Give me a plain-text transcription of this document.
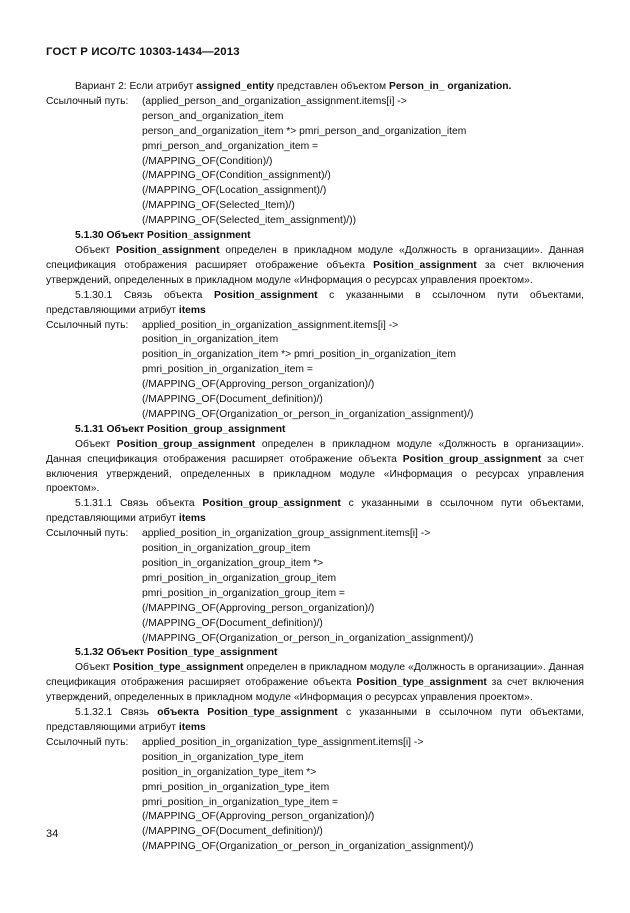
ГОСТ Р ИСО/ТС 10303-1434—2013

Вариант 2: Если атрибут assigned_entity представлен объектом Person_in_ organization.

Ссылочный путь:	(applied_person_and_organization_assignment.items[i] ->
person_and_organization_item
person_and_organization_item *> pmri_person_and_organization_item
pmri_person_and_organization_item =
(/MAPPING_OF(Condition)/)
(/MAPPING_OF(Condition_assignment)/)
(/MAPPING_OF(Location_assignment)/)
(/MAPPING_OF(Selected_Item)/)
(/MAPPING_OF(Selected_item_assignment)/))

5.1.30 Объект Position_assignment

Объект Position_assignment определен в прикладном модуле «Должность в организации». Данная спецификация отображения расширяет отображение объекта Position_assignment за счет включения утверждений, определенных в прикладном модуле «Информация о ресурсах управления проектом».

5.1.30.1 Связь объекта Position_assignment с указанными в ссылочном пути объектами, представляющими атрибут items

Ссылочный путь:	applied_position_in_organization_assignment.items[i] ->
position_in_organization_item
position_in_organization_item *> pmri_position_in_organization_item
pmri_position_in_organization_item =
(/MAPPING_OF(Approving_person_organization)/)
(/MAPPING_OF(Document_definition)/)
(/MAPPING_OF(Organization_or_person_in_organization_assignment)/)

5.1.31 Объект Position_group_assignment

Объект Position_group_assignment определен в прикладном модуле «Должность в организации». Данная спецификация отображения расширяет отображение объекта Position_group_assignment за счет включения утверждений, определенных в прикладном модуле «Информация о ресурсах управления проектом».

5.1.31.1 Связь объекта Position_group_assignment с указанными в ссылочном пути объектами, представляющими атрибут items

Ссылочный путь:	applied_position_in_organization_group_assignment.items[i] ->
position_in_organization_group_item
position_in_organization_group_item *>
pmri_position_in_organization_group_item
pmri_position_in_organization_group_item =
(/MAPPING_OF(Approving_person_organization)/)
(/MAPPING_OF(Document_definition)/)
(/MAPPING_OF(Organization_or_person_in_organization_assignment)/)

5.1.32 Объект Position_type_assignment

Объект Position_type_assignment определен в прикладном модуле «Должность в организации». Данная спецификация отображения расширяет отображение объекта Position_type_assignment за счет включения утверждений, определенных в прикладном модуле «Информация о ресурсах управления проектом».

5.1.32.1 Связь объекта Position_type_assignment с указанными в ссылочном пути объектами, представляющими атрибут items

Ссылочный путь:	applied_position_in_organization_type_assignment.items[i] ->
position_in_organization_type_item
position_in_organization_type_item *>
pmri_position_in_organization_type_item
pmri_position_in_organization_type_item =
(/MAPPING_OF(Approving_person_organization)/)
(/MAPPING_OF(Document_definition)/)
(/MAPPING_OF(Organization_or_person_in_organization_assignment)/)
34
